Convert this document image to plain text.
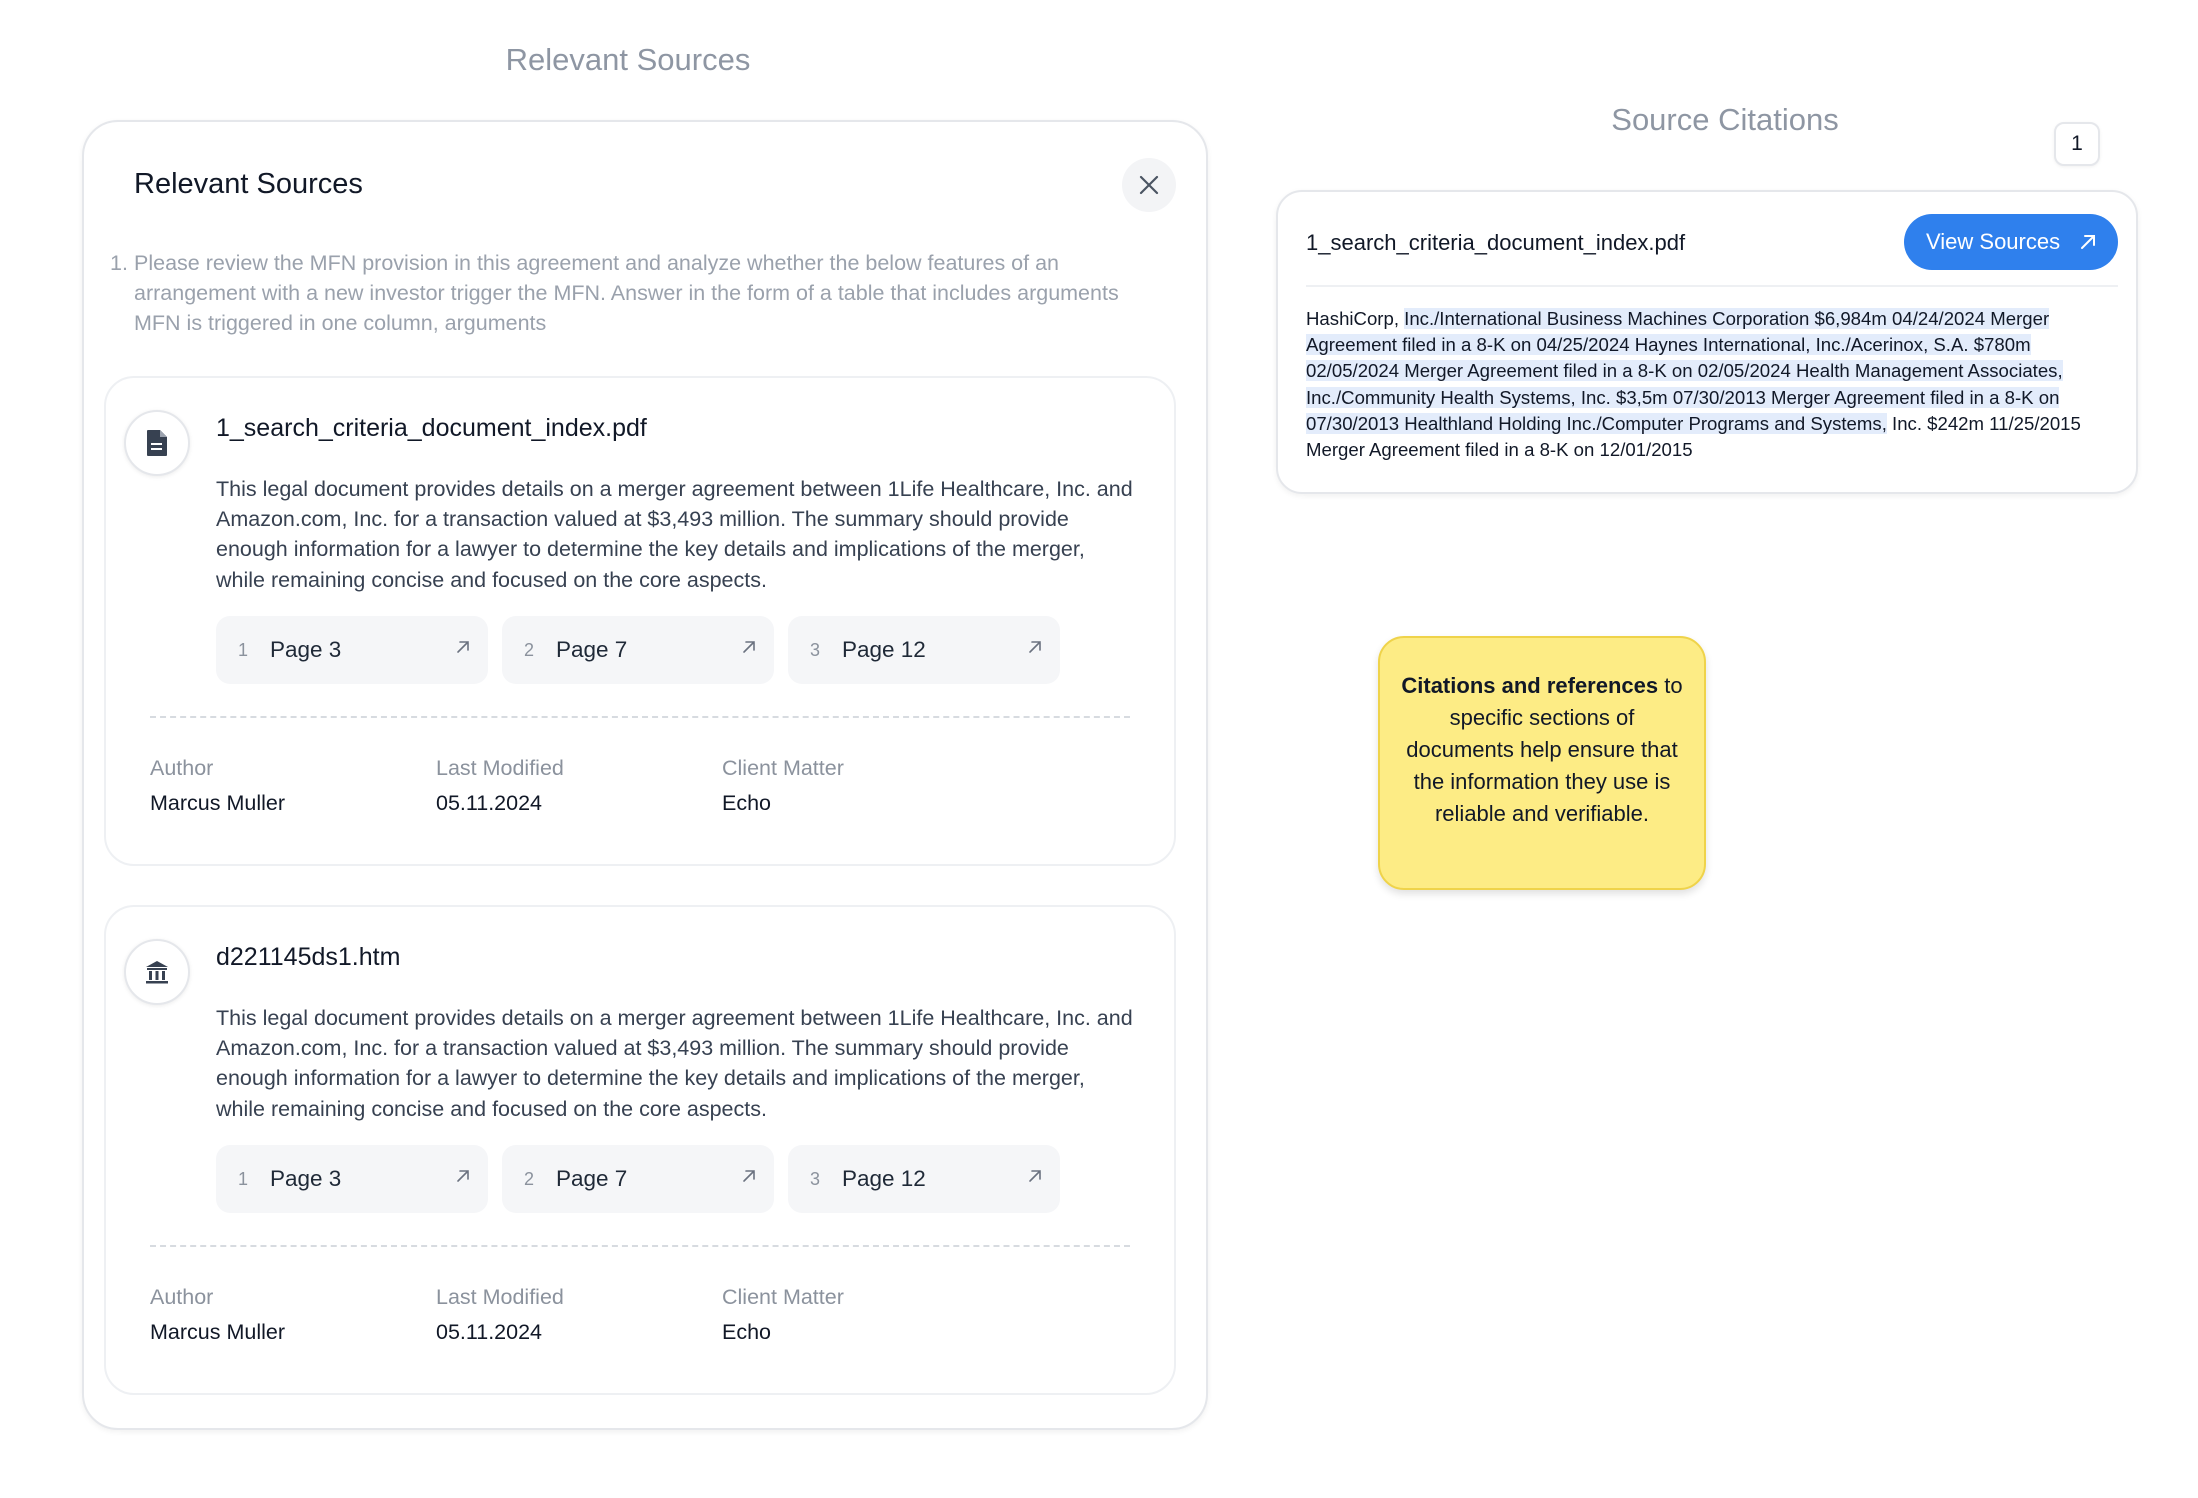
Relevant Sources
Source Citations
Relevant Sources
1. Please review the MFN provision in this agreement and analyze whether the below features of an arrangement with a new investor trigger the MFN. Answer in the form of a table that includes arguments MFN is triggered in one column, arguments
1_search_criteria_document_index.pdf
This legal document provides details on a merger agreement between 1Life Healthcare, Inc. and Amazon.com, Inc. for a transaction valued at $3,493 million. The summary should provide enough information for a lawyer to determine the key details and implications of the merger, while remaining concise and focused on the core aspects.
1 Page 3	2 Page 7	3 Page 12
Author
Marcus Muller
Last Modified
05.11.2024
Client Matter
Echo
d221145ds1.htm
This legal document provides details on a merger agreement between 1Life Healthcare, Inc. and Amazon.com, Inc. for a transaction valued at $3,493 million. The summary should provide enough information for a lawyer to determine the key details and implications of the merger, while remaining concise and focused on the core aspects.
1 Page 3	2 Page 7	3 Page 12
Author
Marcus Muller
Last Modified
05.11.2024
Client Matter
Echo
1
1_search_criteria_document_index.pdf	View Sources
HashiCorp, Inc./International Business Machines Corporation $6,984m 04/24/2024 Merger Agreement filed in a 8-K on 04/25/2024 Haynes International, Inc./Acerinox, S.A. $780m 02/05/2024 Merger Agreement filed in a 8-K on 02/05/2024 Health Management Associates, Inc./Community Health Systems, Inc. $3,5m 07/30/2013 Merger Agreement filed in a 8-K on 07/30/2013 Healthland Holding Inc./Computer Programs and Systems, Inc. $242m 11/25/2015 Merger Agreement filed in a 8-K on 12/01/2015
Citations and references to specific sections of documents help ensure that the information they use is reliable and verifiable.
